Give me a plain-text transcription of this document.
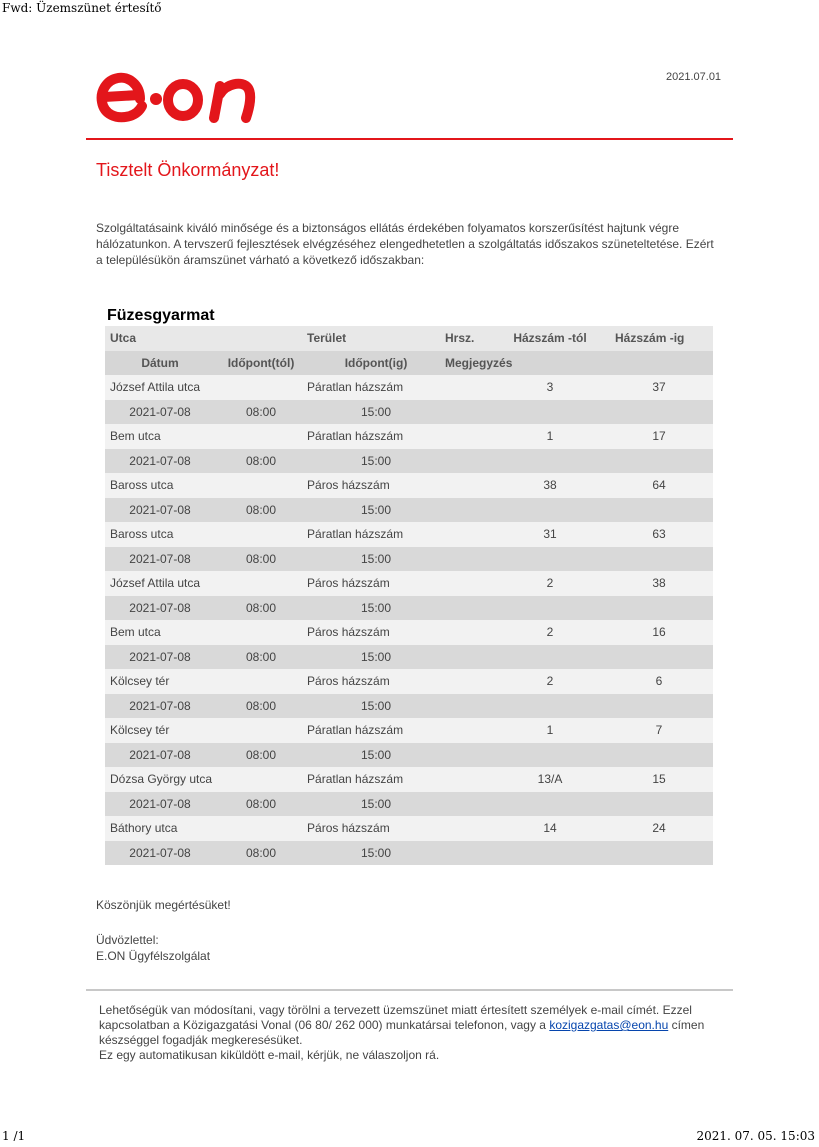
Fwd: Üzemszünet értesítő
2021.07.01
Tisztelt Önkormányzat!
Szolgáltatásaink kiváló minősége és a biztonságos ellátás érdekében folyamatos korszerűsítést hajtunk végre hálózatunkon. A tervszerű fejlesztések elvégzéséhez elengedhetetlen a szolgáltatás időszakos szüneteltetése. Ezért a településükön áramszünet várható a következő időszakban:
Füzesgyarmat
Utca		Terület	Hrsz.	Házszám -tól	Házszám -ig
Dátum	Időpont(tól)	Időpont(ig)	Megjegyzés		
József Attila utca		Páratlan házszám		3	37
2021-07-08	08:00	15:00			
Bem utca		Páratlan házszám		1	17
2021-07-08	08:00	15:00			
Baross utca		Páros házszám		38	64
2021-07-08	08:00	15:00			
Baross utca		Páratlan házszám		31	63
2021-07-08	08:00	15:00			
József Attila utca		Páros házszám		2	38
2021-07-08	08:00	15:00			
Bem utca		Páros házszám		2	16
2021-07-08	08:00	15:00			
Kölcsey tér		Páros házszám		2	6
2021-07-08	08:00	15:00			
Kölcsey tér		Páratlan házszám		1	7
2021-07-08	08:00	15:00			
Dózsa György utca		Páratlan házszám		13/A	15
2021-07-08	08:00	15:00			
Báthory utca		Páros házszám		14	24
2021-07-08	08:00	15:00			
Köszönjük megértésüket!
Üdvözlettel:
E.ON Ügyfélszolgálat
Lehetőségük van módosítani, vagy törölni a tervezett üzemszünet miatt értesített személyek e-mail címét. Ezzel kapcsolatban a Közigazgatási Vonal (06 80/ 262 000) munkatársai telefonon, vagy a kozigazgatas@eon.hu címen készséggel fogadják megkeresésüket.
Ez egy automatikusan kiküldött e-mail, kérjük, ne válaszoljon rá.
1 /1	2021. 07. 05. 15:03
